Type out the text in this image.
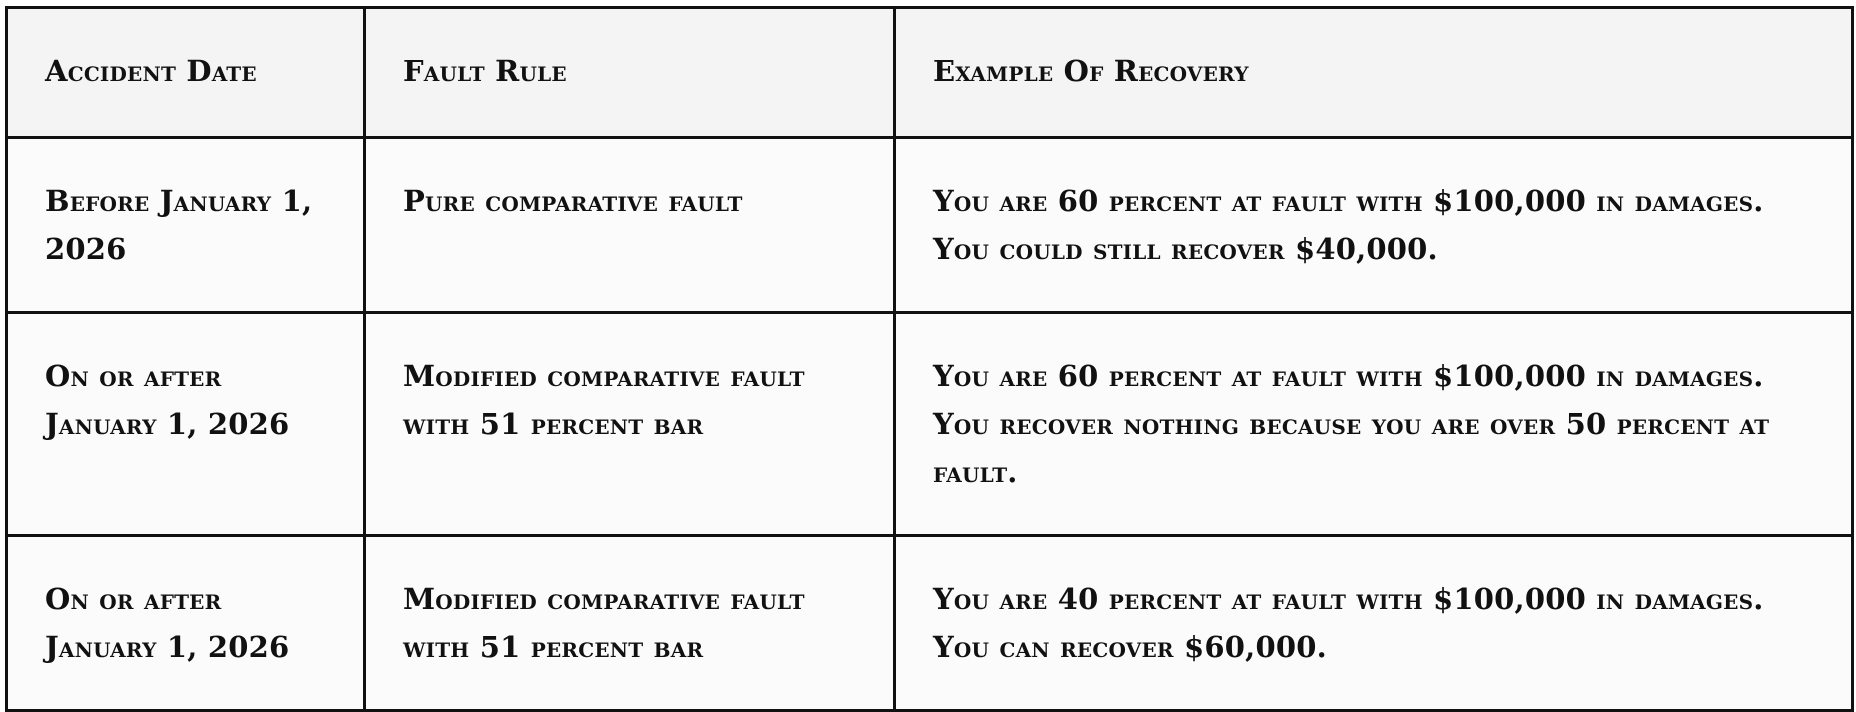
Accident Date	Fault Rule	Example Of Recovery
Before January 1, 2026	Pure comparative fault	You are 60 percent at fault with $100,000 in damages. You could still recover $40,000.
On or after January 1, 2026	Modified comparative fault with 51 percent bar	You are 60 percent at fault with $100,000 in damages. You recover nothing because you are over 50 percent at fault.
On or after January 1, 2026	Modified comparative fault with 51 percent bar	You are 40 percent at fault with $100,000 in damages. You can recover $60,000.
